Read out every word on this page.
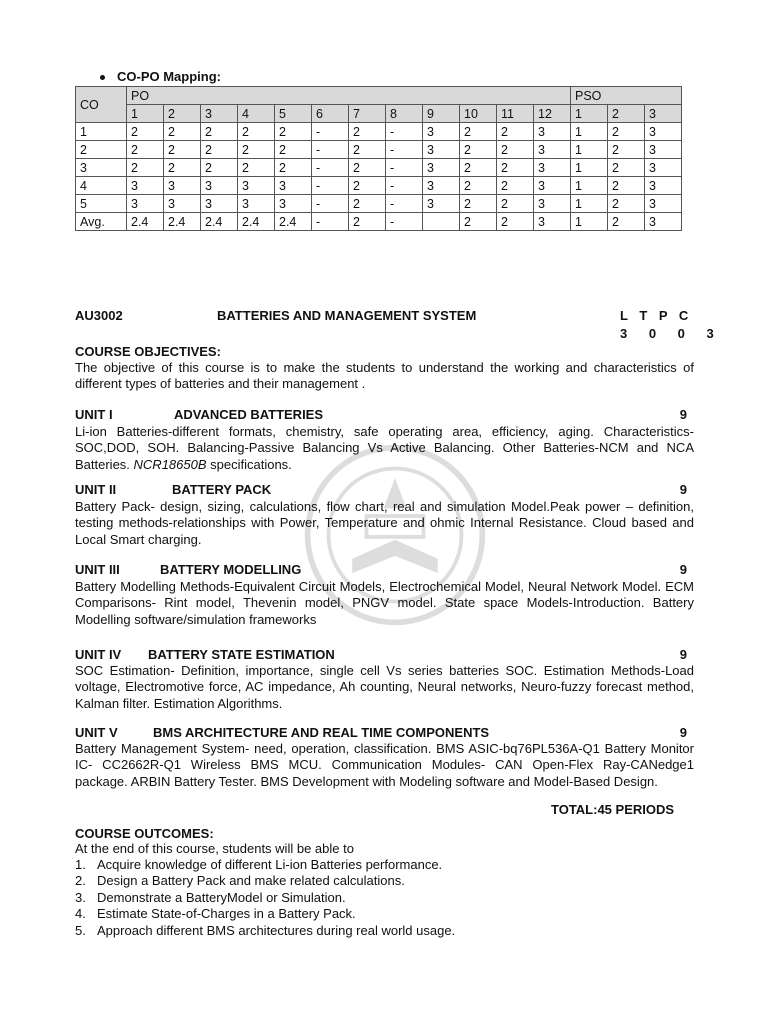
CO-PO Mapping:
CO	PO												PSO		
	1	2	3	4	5	6	7	8	9	10	11	12	1	2	3
1	2	2	2	2	2	-	2	-	3	2	2	3	1	2	3
2	2	2	2	2	2	-	2	-	3	2	2	3	1	2	3
3	2	2	2	2	2	-	2	-	3	2	2	3	1	2	3
4	3	3	3	3	3	-	2	-	3	2	2	3	1	2	3
5	3	3	3	3	3	-	2	-	3	2	2	3	1	2	3
Avg.	2.4	2.4	2.4	2.4	2.4	-	2	-		2	2	3	1	2	3
AU3002	BATTERIES AND MANAGEMENT SYSTEM	L T P C
3 0 0 3
COURSE OBJECTIVES:
The objective of this course is to make the students to understand the working and characteristics of different types of batteries and their management .
UNIT I	ADVANCED BATTERIES	9
Li-ion Batteries-different formats, chemistry, safe operating area, efficiency, aging. Characteristics-SOC,DOD, SOH. Balancing-Passive Balancing Vs Active Balancing. Other Batteries-NCM and NCA Batteries. NCR18650B specifications.
UNIT II	BATTERY PACK	9
Battery Pack- design, sizing, calculations, flow chart, real and simulation Model.Peak power – definition, testing methods-relationships with Power, Temperature and ohmic Internal Resistance. Cloud based and Local Smart charging.
UNIT III	BATTERY MODELLING	9
Battery Modelling Methods-Equivalent Circuit Models, Electrochemical Model, Neural Network Model. ECM Comparisons- Rint model, Thevenin model, PNGV model. State space Models-Introduction. Battery Modelling software/simulation frameworks
UNIT IV BATTERY STATE ESTIMATION	9
SOC Estimation- Definition, importance, single cell Vs series batteries SOC. Estimation Methods-Load voltage, Electromotive force, AC impedance, Ah counting, Neural networks, Neuro-fuzzy forecast method, Kalman filter. Estimation Algorithms.
UNIT V	BMS ARCHITECTURE AND REAL TIME COMPONENTS	9
Battery Management System- need, operation, classification. BMS ASIC-bq76PL536A-Q1 Battery Monitor IC- CC2662R-Q1 Wireless BMS MCU. Communication Modules- CAN Open-Flex Ray-CANedge1 package. ARBIN Battery Tester. BMS Development with Modeling software and Model-Based Design.
TOTAL:45 PERIODS
COURSE OUTCOMES:
At the end of this course, students will be able to
1. Acquire knowledge of different Li-ion Batteries performance.
2. Design a Battery Pack and make related calculations.
3. Demonstrate a BatteryModel or Simulation.
4. Estimate State-of-Charges in a Battery Pack.
5. Approach different BMS architectures during real world usage.
